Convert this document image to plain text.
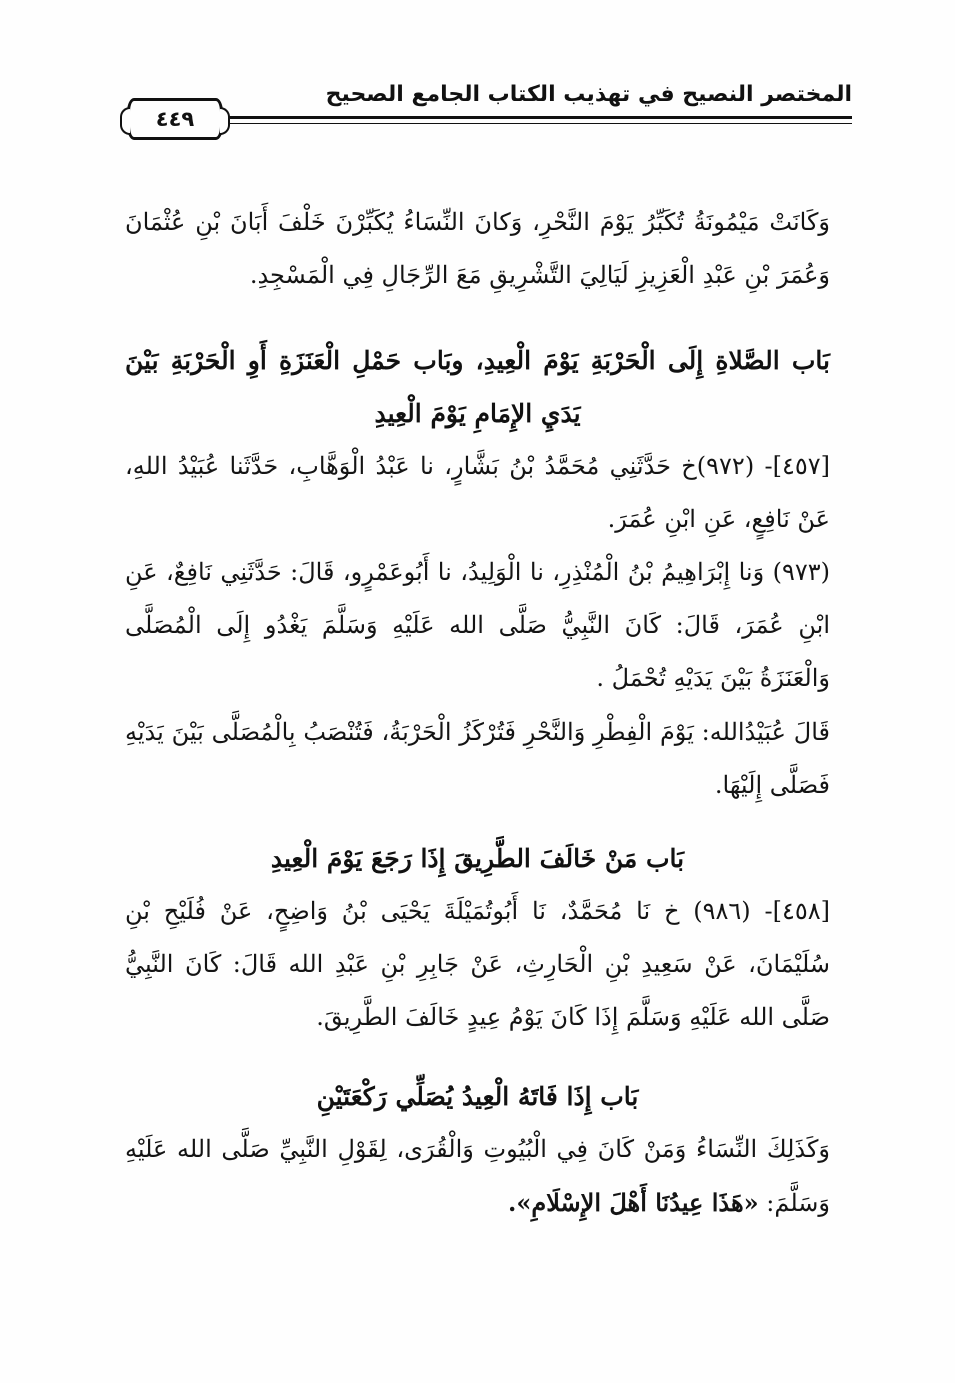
المختصر النصيح في تهذيب الكتاب الجامع الصحيح
٤٤٩
وَكَانَتْ مَيْمُونَةُ تُكَبِّرُ يَوْمَ النَّحْرِ، وَكانَ النِّسَاءُ يُكَبِّرْنَ خَلْفَ أَبَانَ بْنِ عُثْمَانَ وَعُمَرَ بْنِ عَبْدِ الْعَزِيزِ لَيَالِيَ التَّشْرِيقِ مَعَ الرِّجَالِ فِي الْمَسْجِدِ.
بَاب الصَّلاةِ إِلَى الْحَرْبَةِ يَوْمَ الْعِيدِ، وبَاب حَمْلِ الْعَنَزَةِ أَوِ الْحَرْبَةِ بَيْنَ يَدَيِ الإِمَامِ يَوْمَ الْعِيدِ
[٤٥٧]- (٩٧٢)خ حَدَّثَنِي مُحَمَّدُ بْنُ بَشَّارٍ، نا عَبْدُ الْوَهَّابِ، حَدَّثَنا عُبَيْدُ اللهِ، عَنْ نَافِعٍ، عَنِ ابْنِ عُمَرَ.
(٩٧٣) وَنا إِبْرَاهِيمُ بْنُ الْمُنْذِرِ، نا الْوَلِيدُ، نا أَبُوعَمْرٍو، قَالَ: حَدَّثَنِي نَافِعٌ، عَنِ ابْنِ عُمَرَ، قَالَ: كَانَ النَّبِيُّ صَلَّى الله عَلَيْهِ وَسَلَّمَ يَغْدُو إِلَى الْمُصَلَّى وَالْعَنَزَةُ بَيْنَ يَدَيْهِ تُحْمَلُ .
قَالَ عُبَيْدُالله: يَوْمَ الْفِطْرِ وَالنَّحْرِ فَتُرْكَزُ الْحَرْبَةُ، فَتُنْصَبُ بِالْمُصَلَّى بَيْنَ يَدَيْهِ فَصَلَّى إِلَيْهَا.
بَاب مَنْ خَالَفَ الطَّرِيقَ إِذَا رَجَعَ يَوْمَ الْعِيدِ
[٤٥٨]- (٩٨٦) خ نَا مُحَمَّدٌ، نَا أَبُوتُمَيْلَةَ يَحْيَى بْنُ وَاضِحٍ، عَنْ فُلَيْحِ بْنِ سُلَيْمَانَ، عَنْ سَعِيدِ بْنِ الْحَارِثِ، عَنْ جَابِرِ بْنِ عَبْدِ الله قَالَ: كَانَ النَّبِيُّ صَلَّى الله عَلَيْهِ وَسَلَّمَ إِذَا كَانَ يَوْمُ عِيدٍ خَالَفَ الطَّرِيقَ.
بَاب إِذَا فَاتَهُ الْعِيدُ يُصَلِّي رَكْعَتَيْنِ
وَكَذَلِكَ النِّسَاءُ وَمَنْ كَانَ فِي الْبُيُوتِ وَالْقُرَى، لِقَوْلِ النَّبِيِّ صَلَّى الله عَلَيْهِ وَسَلَّمَ: «هَذَا عِيدُنَا أَهْلَ الإِسْلَامِ».
